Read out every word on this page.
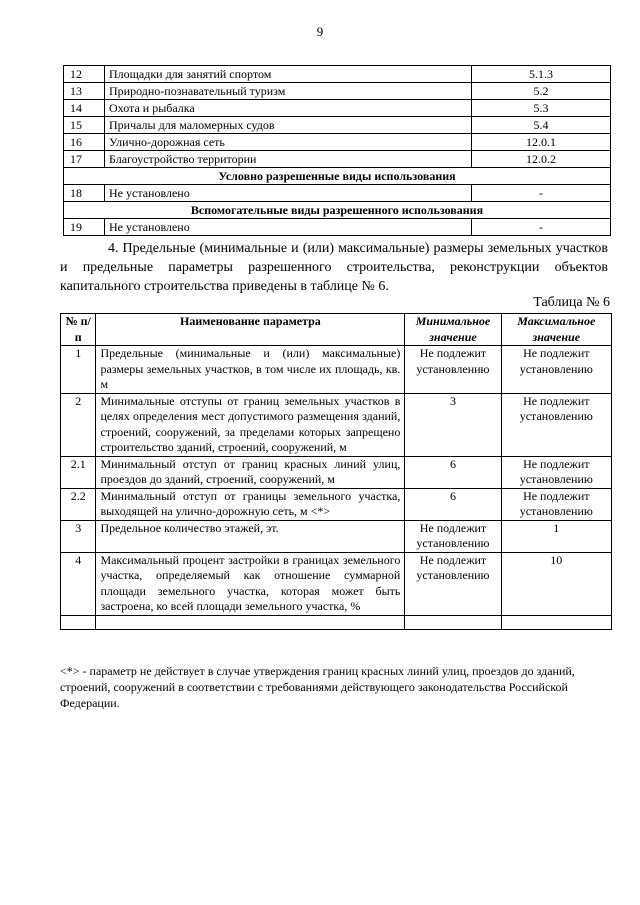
9
12	Площадки для занятий спортом	5.1.3
13	Природно-познавательный туризм	5.2
14	Охота и рыбалка	5.3
15	Причалы для маломерных судов	5.4
16	Улично-дорожная сеть	12.0.1
17	Благоустройство территории	12.0.2
Условно разрешенные виды использования		
18	Не установлено	-
Вспомогательные виды разрешенного использования		
19	Не установлено	-
4. Предельные (минимальные и (или) максимальные) размеры земельных участков и предельные параметры разрешенного строительства, реконструкции объектов капитального строительства приведены в таблице № 6.
Таблица № 6
№ п/п	Наименование параметра	Минимальное значение	Максимальное значение
1	Предельные (минимальные и (или) максимальные) размеры земельных участков, в том числе их площадь, кв. м	Не подлежит установлению	Не подлежит установлению
2	Минимальные отступы от границ земельных участков в целях определения мест допустимого размещения зданий, строений, сооружений, за пределами которых запрещено строительство зданий, строений, сооружений, м	3	Не подлежит установлению
2.1	Минимальный отступ от границ красных линий улиц, проездов до зданий, строений, сооружений, м	6	Не подлежит установлению
2.2	Минимальный отступ от границы земельного участка, выходящей на улично-дорожную сеть, м <*>	6	Не подлежит установлению
3	Предельное количество этажей, эт.	Не подлежит установлению	1
4	Максимальный процент застройки в границах земельного участка, определяемый как отношение суммарной площади земельного участка, которая может быть застроена, ко всей площади земельного участка, %	Не подлежит установлению	10

<*> - параметр не действует в случае утверждения границ красных линий улиц, проездов до зданий, строений, сооружений в соответствии с требованиями действующего законодательства Российской Федерации.
